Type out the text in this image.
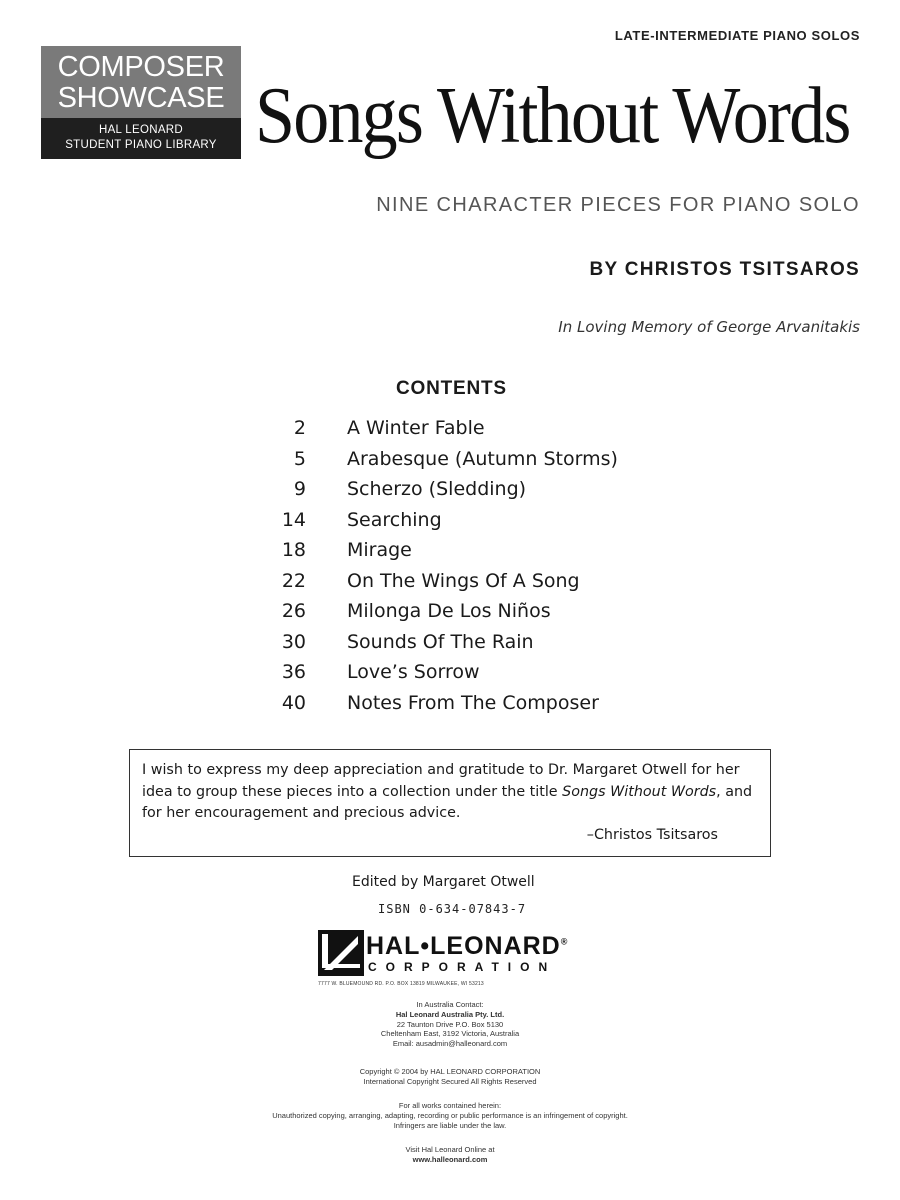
LATE-INTERMEDIATE PIANO SOLOS
COMPOSER
SHOWCASE
HAL LEONARD
STUDENT PIANO LIBRARY Songs Without Words
NINE CHARACTER PIECES FOR PIANO SOLO
BY CHRISTOS TSITSAROS
In Loving Memory of George Arvanitakis
CONTENTS
2 A Winter Fable
5 Arabesque (Autumn Storms)
9 Scherzo (Sledding)
14 Searching
18 Mirage
22 On The Wings Of A Song
26 Milonga De Los Niños
30 Sounds Of The Rain
36 Love’s Sorrow
40 Notes From The Composer
I wish to express my deep appreciation and gratitude to Dr. Margaret Otwell for her idea to group these pieces into a collection under the title Songs Without Words, and for her encouragement and precious advice.
–Christos Tsitsaros
Edited by Margaret Otwell
ISBN 0-634-07843-7
HAL•LEONARD®
CORPORATION
7777 W. BLUEMOUND RD. P.O. BOX 13819 MILWAUKEE, WI 53213
In Australia Contact:
Hal Leonard Australia Pty. Ltd.
22 Taunton Drive P.O. Box 5130
Cheltenham East, 3192 Victoria, Australia
Email: ausadmin@halleonard.com
Copyright © 2004 by HAL LEONARD CORPORATION
International Copyright Secured All Rights Reserved
For all works contained herein:
Unauthorized copying, arranging, adapting, recording or public performance is an infringement of copyright.
Infringers are liable under the law.
Visit Hal Leonard Online at
www.halleonard.com
